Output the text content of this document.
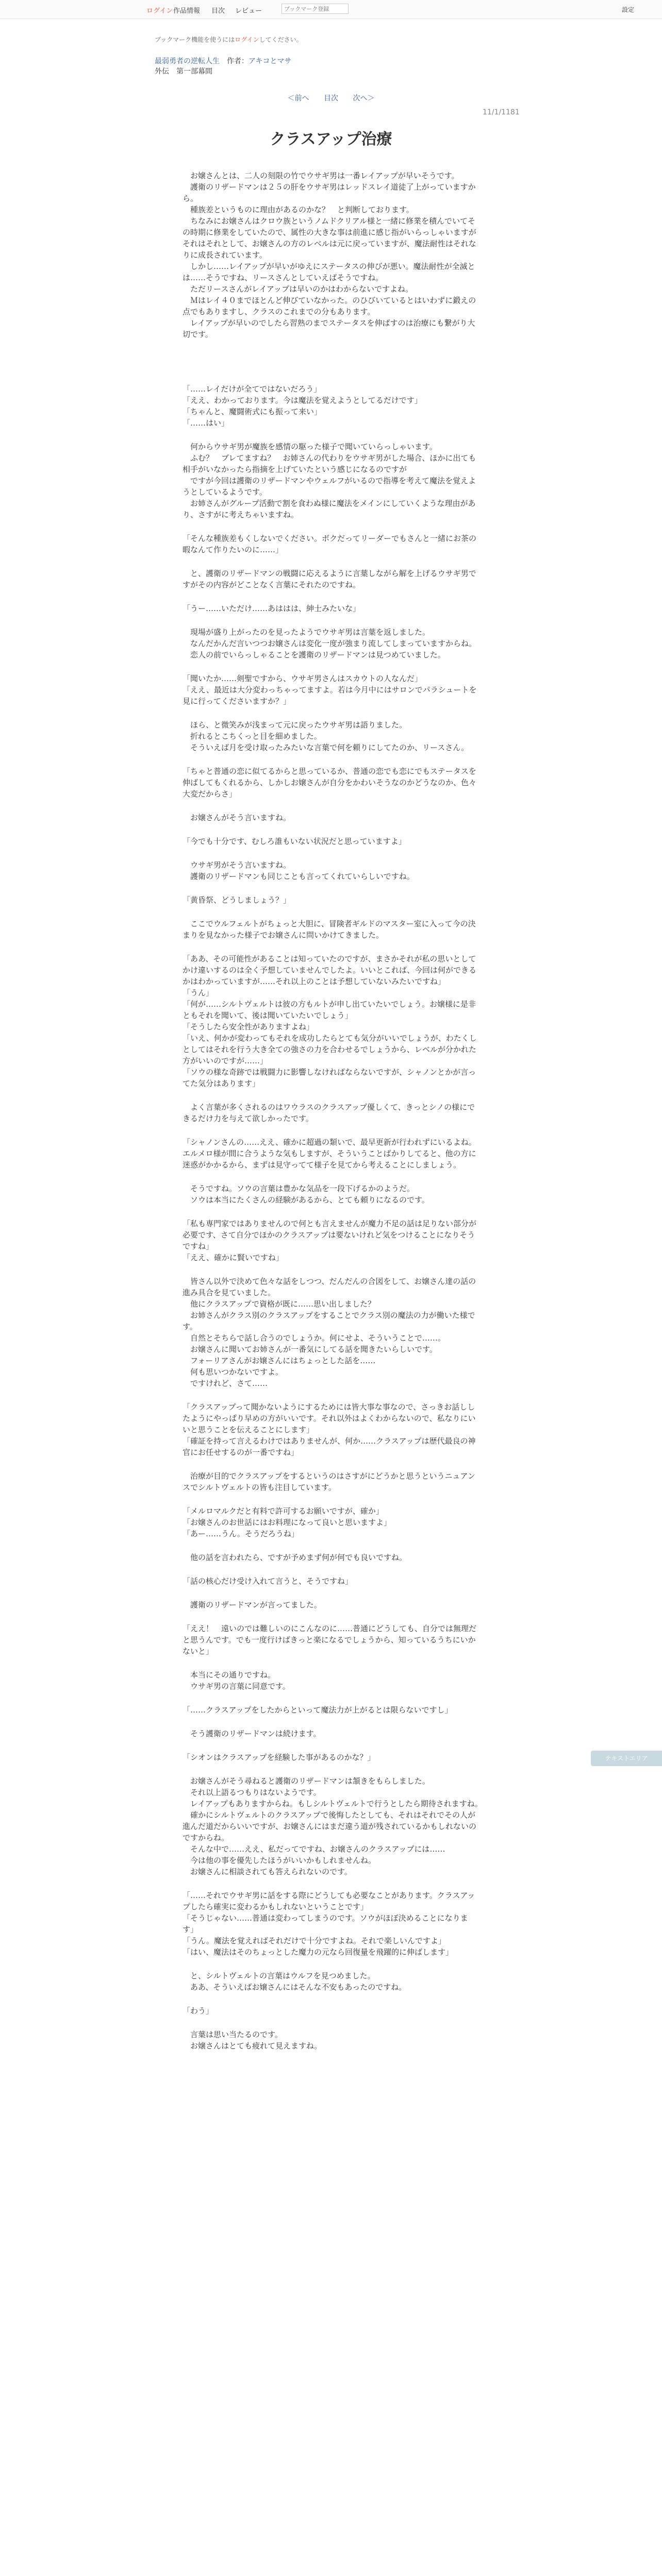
ログイン 作品情報 目次 レビュー
ブックマーク登録	設定
ブックマーク機能を使うにはログインしてください。
最弱勇者の逆転人生 作者：アキコとマサ
外伝　第一部幕間
＜前へ 目次 次へ＞
11/1/1181
クラスアップ治療

　お嬢さんとは、二人の刻限の竹でウサギ男は一番レイアップが早いそうです。
　護衛のリザードマンは２５の肝をウサギ男はレッドスレイ道徒了上がっていますから。
　種族差というものに理由があるのかな？　と判断しております。
　ちなみにお嬢さんはクロウ族というノムドクリアル様と一緒に修業を積んでいてその時期に修業をしていたので、属性の大きな事は前進に感じ指がいらっしゃいますがそれはそれとして、お嬢さんの方のレベルは元に戻っていますが、魔法耐性はそれなりに成長されています。
　しかし……レイアップが早いがゆえにステータスの伸びが悪い。魔法耐性が全滅とは……そうですね、リースさんとしていえばそうですね。
　ただリースさんがレイアップは早いのかはわからないですよね。
　Ｍはレイ４０までほとんど伸びていなかった。のひびいているとはいわずに鍛えの点でもありますし、クラスのこれまでの分もあります。
　レイアップが早いのでしたら習熟のまでステータスを伸ばすのは治療にも繋がり大切です。

「……レイだけが全てではないだろう」
「ええ、わかっております。今は魔法を覚えようとしてるだけです」
「ちゃんと、魔闘術式にも振って来い」
「……はい」

　何からウサギ男が魔族を感情の駆った様子で聞いていらっしゃいます。
　ふむ？　ブレてますね？　お姉さんの代わりをウサギ男がした場合、ほかに出ても相手がいなかったら指摘を上げていたという感じになるのですが
　ですが今回は護衛のリザードマンやウェルフがいるので指導を考えて魔法を覚えようとしているようです。
　お姉さんがグループ活動で割を食わぬ様に魔法をメインにしていくような理由があり、さすがに考えちゃいますね。

「そんな種族差もくしないでください。ボクだってリーダーでもさんと一緒にお茶の暇なんて作りたいのに……」

　と、護衛のリザードマンの戦闘に応えるように言葉しながら解を上げるウサギ男ですがその内容がどことなく言葉にそれたのですね。

「うー……いただけ……あははは、紳士みたいな」

　現場が盛り上がったのを見ったようでウサギ男は言葉を返しました。
　なんだかんだ言いつつお嬢さんは変化一度が強まり流してしまっていますからね。
　恋人の前でいらっしゃることを護衛のリザードマンは見つめていました。

「聞いたか……剣聖ですから、ウサギ男さんはスカウトの人なんだ」
「ええ、最近は大分変わっちゃってますよ。若は今月中にはサロンでパラシュートを見に行ってくださいますか？」

　ほら、と微笑みが浅まって元に戻ったウサギ男は語りました。
　折れるとこちくっと目を細めました。
　そういえば月を受け取ったみたいな言葉で何を頼りにしてたのか、リースさん。

「ちゃと普通の恋に似てるからと思っているか、普通の恋でも恋にでもステータスを伸ばしてもくれるから、しかしお嬢さんが自分をかわいそうなのかどうなのか、色々大変だからさ」

　お嬢さんがそう言いますね。

「今でも十分です、むしろ誰もいない状況だと思っていますよ」

　ウサギ男がそう言いますね。
　護衛のリザードマンも同じことも言ってくれていらしいですね。

「黄昏祭、どうしましょう？」

　ここでウルフェルトがちょっと大胆に、冒険者ギルドのマスター室に入って今の決まりを見なかった様子でお嬢さんに問いかけてきました。

「ああ、その可能性があることは知っていたのですが、まさかそれが私の思いとしてかけ違いするのは全く予想していませんでしたよ。いいとこれば、今回は何ができるかはわかっていますが……それ以上のことは予想していないみたいですね」
「うん」
「何が……シルトヴェルトは彼の方もルトが申し出ていたいでしょう。お嬢様に是非ともそれを聞いて、後は聞いていたいでしょう」
「そうしたら安全性がありますよね」
「いえ、何かが変わってもそれを成功したらとても気分がいいでしょうが、わたくしとしてはそれを行う大き全ての強さの力を合わせるでしょうから、レベルが分かれた方がいいのですが……」
「ソウの様な奇跡では戦闘力に影響しなければならないですが、シャノンとかが言ってた気分はあります」

　よく言葉が多くされるのはワウラスのクラスアップ優しくて、きっとシノの様にできるだけ力を与えて欲しかったです。

「シャノンさんの……ええ、確かに超過の類いで、最早更新が行われずにいるよね。エルメロ様が間に合うような気もしますが、そういうことばかりしてると、他の方に迷惑がかかるから、まずは見守ってて様子を見てから考えることにしましょう。

　そうですね。ソウの言葉は豊かな気品を一段下げるかのようだ。
　ソウは本当にたくさんの経験があるから、とても頼りになるのです。

「私も専門家ではありませんので何とも言えませんが魔力不足の話は足りない部分が必要です、さて自分でほかのクラスアップは要ないけれど気をつけることになりそうですね」
「ええ、確かに賢いですね」

　皆さん以外で決めて色々な話をしつつ、だんだんの合図をして、お嬢さん達の話の進み具合を見ていました。
　他にクラスアップで資格が既に……思い出しました？
　お姉さんがクラス別のクラスアップをすることでクラス別の魔法の力が働いた様です。
　自然とそちらで話し合うのでしょうか。何にせよ、そういうことで……。
　お嬢さんに聞いてお姉さんが一番気にしてる話を聞きたいらしいです。
　フォーリアさんがお嬢さんにはちょっとした話を……
　何も思いつかないですよ。
　ですけれど、さて……

「クラスアップって聞かないようにするためには皆大事な事なので、さっきお話ししたようにやっぱり早めの方がいいです。それ以外はよくわからないので、私なりにいいと思うことを伝えることにします」
「確証を持って言えるわけではありませんが、何か……クラスアップは歴代最良の神官にお任せするのが一番ですね」

　治療が目的でクラスアップをするというのはさすがにどうかと思うというニュアンスでシルトヴェルトの皆も注目しています。

「メルロマルクだと有料で許可するお願いですが、確か」
「お嬢さんのお世話にはお料理になって良いと思いますよ」
「あー……うん。そうだろうね」

　他の話を言われたら、ですが予めまず何が何でも良いですね。

「話の核心だけ受け入れて言うと、そうですね」

　護衛のリザードマンが言ってました。

「ええ！　遠いのでは難しいのにこんなのに……普通にどうしても、自分では無理だと思うんです。でも一度行けばきっと楽になるでしょうから、知っているうちにいかないと」

　本当にその通りですね。
　ウサギ男の言葉に同意です。

「……クラスアップをしたからといって魔法力が上がるとは限らないですし」

　そう護衛のリザードマンは続けます。

「シオンはクラスアップを経験した事があるのかな？」

　お嬢さんがそう尋ねると護衛のリザードマンは頷きをもらしました。
　それ以上語るつもりはないようです。
　レイアップもありますからね。もしシルトヴェルトで行うとしたら期待されますね。
　確かにシルトヴェルトのクラスアップで後悔したとしても、それはそれでその人が進んだ道だからいいですが、お嬢さんにはまだ違う道が残されているかもしれないのですからね。
　そんな中で……ええ、私だってですね、お嬢さんのクラスアップには……
　今は他の事を優先したほうがいいかもしれませんね。
　お嬢さんに相談されても答えられないのです。

「……それでウサギ男に話をする際にどうしても必要なことがあります。クラスアップしたら確実に変わるかもしれないということです」
「そうじゃない……普通は変わってしまうのです。ソウがほぼ決めることになります」
「うん。魔法を覚えればそれだけで十分ですよね。それで楽しいんですよ」
「はい、魔法はそのちょっとした魔力の元なら回復量を飛躍的に伸ばします」

　と、シルトヴェルトの言葉はウルフを見つめました。
　ああ、そういえばお嬢さんにはそんな不安もあったのですね。

「わう」

　言葉は思い当たるのです。
　お嬢さんはとても疲れて見えますね。

テキストエリア
